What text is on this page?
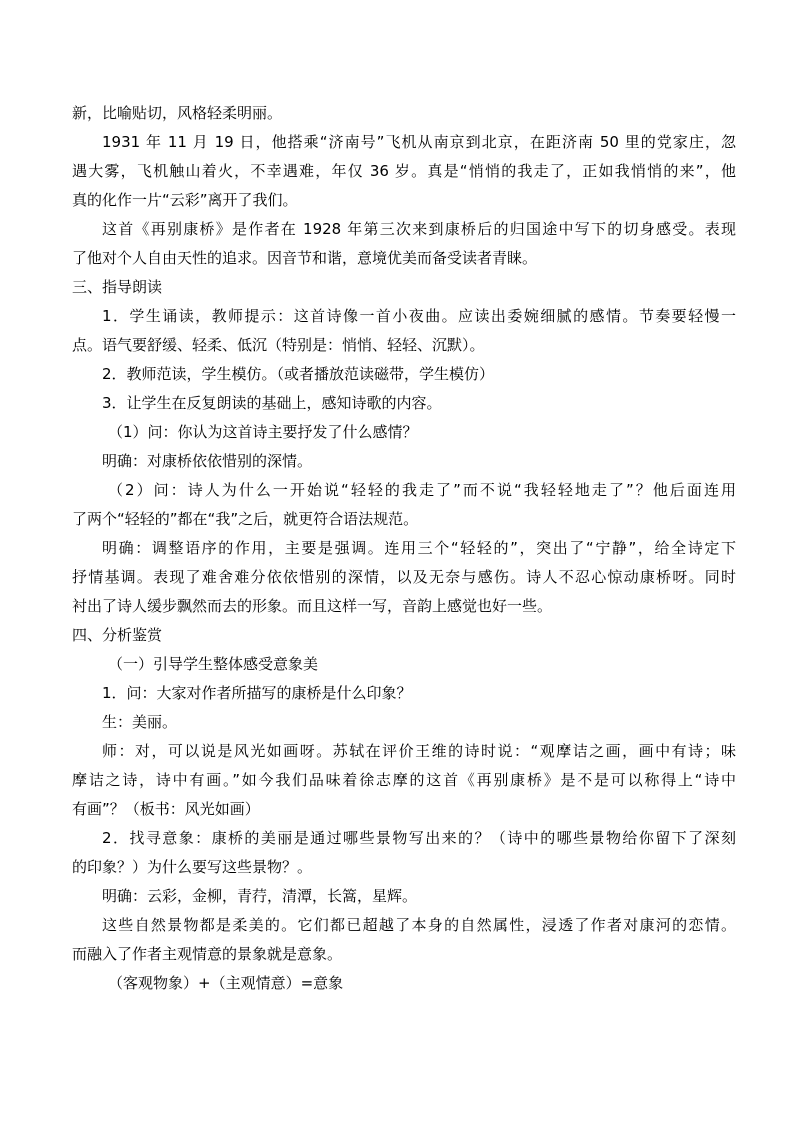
新，比喻贴切，风格轻柔明丽。
1931 年 11 月 19 日，他搭乘“济南号”飞机从南京到北京，在距济南 50 里的党家庄，忽
遇大雾，飞机触山着火，不幸遇难，年仅 36 岁。真是“悄悄的我走了，正如我悄悄的来”，他
真的化作一片“云彩”离开了我们。
这首《再别康桥》是作者在 1928 年第三次来到康桥后的归国途中写下的切身感受。表现
了他对个人自由天性的追求。因音节和谐，意境优美而备受读者青睐。
三、指导朗读
1．学生诵读，教师提示：这首诗像一首小夜曲。应读出委婉细腻的感情。节奏要轻慢一
点。语气要舒缓、轻柔、低沉（特别是：悄悄、轻轻、沉默）。
2．教师范读，学生模仿。（或者播放范读磁带，学生模仿）
3．让学生在反复朗读的基础上，感知诗歌的内容。
（1）问：你认为这首诗主要抒发了什么感情？
明确：对康桥依依惜别的深情。
（2）问：诗人为什么一开始说“轻轻的我走了”而不说“我轻轻地走了”？他后面连用
了两个“轻轻的”都在“我”之后，就更符合语法规范。
明确：调整语序的作用，主要是强调。连用三个“轻轻的”，突出了“宁静”，给全诗定下
抒情基调。表现了难舍难分依依惜别的深情，以及无奈与感伤。诗人不忍心惊动康桥呀。同时
衬出了诗人缓步飘然而去的形象。而且这样一写，音韵上感觉也好一些。
四、分析鉴赏
（一）引导学生整体感受意象美
1．问：大家对作者所描写的康桥是什么印象？
生：美丽。
师：对，可以说是风光如画呀。苏轼在评价王维的诗时说：“观摩诘之画，画中有诗；味
摩诘之诗，诗中有画。”如今我们品味着徐志摩的这首《再别康桥》是不是可以称得上“诗中
有画”？（板书：风光如画）
2．找寻意象：康桥的美丽是通过哪些景物写出来的？（诗中的哪些景物给你留下了深刻
的印象？）为什么要写这些景物？。
明确：云彩，金柳，青荇，清潭，长篙，星辉。
这些自然景物都是柔美的。它们都已超越了本身的自然属性，浸透了作者对康河的恋情。
而融入了作者主观情意的景象就是意象。
（客观物象）+（主观情意）=意象
